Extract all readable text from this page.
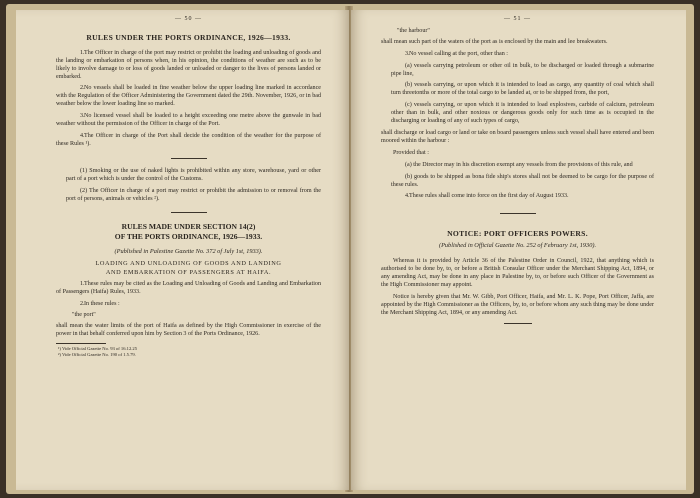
— 50 —
RULES UNDER THE PORTS ORDINANCE, 1926—1933.

1.The Officer in charge of the port may restrict or prohibit the loading and unloading of goods and the landing or embarkation of persons when, in his opinion, the conditions of weather are such as to be likely to involve damage to or loss of goods landed or unloaded or danger to the lives of persons landed or embarked.

2.No vessels shall be loaded in fine weather below the upper loading line marked in accordance with the Regulation of the Officer Administering the Government dated the 29th. November, 1926, or in bad weather below the lower loading line so marked.

3.No licensed vessel shall be loaded to a height exceeding one metre above the gunwale in bad weather without the permission of the Officer in charge of the Port.

4.The Officer in charge of the Port shall decide the condition of the weather for the purpose of these Rules ¹).

(1) Smoking or the use of naked lights is prohibited within any store, warehouse, yard or other part of a port which is under the control of the Customs.

(2) The Officer in charge of a port may restrict or prohibit the admission to or removal from the port of persons, animals or vehicles ²).

RULES MADE UNDER SECTION 14(2)
OF THE PORTS ORDINANCE, 1926—1933.
(Published in Palestine Gazette No. 372 of July 1st, 1933).
LOADING AND UNLOADING OF GOODS AND LANDING
AND EMBARKATION OF PASSENGERS AT HAIFA.

1.These rules may be cited as the Loading and Unloading of Goods and Landing and Embarkation of Passengers (Haifa) Rules, 1933.

2.In these rules :

"the port"

shall mean the water limits of the port of Haifa as defined by the High Commissioner in exercise of the power in that behalf conferred upon him by Section 3 of the Ports Ordinance, 1926.

¹) Vide Official Gazette No. 93 of 16.12.25

²) Vide Official Gazette No. 190 of 1.5.79.

— 51 —

"the harbour"

shall mean such part of the waters of the port as is enclosed by the main and lee breakwaters.

3.No vessel calling at the port, other than :

(a) vessels carrying petroleum or other oil in bulk, to be discharged or loaded through a submarine pipe line,

(b) vessels carrying, or upon which it is intended to load as cargo, any quantity of coal which shall turn threetonths or more of the total cargo to be landed at, or to be shipped from, the port,

(c) vessels carrying, or upon which it is intended to load explosives, carbide of calcium, petroleum other than in bulk, and other noxious or dangerous goods only for such time as is occupied in the discharging or loading of any of such types of cargo,

shall discharge or load cargo or land or take on board passengers unless such vessel shall have entered and been moored within the harbour :

Provided that :

(a) the Director may in his discretion exempt any vessels from the provisions of this rule, and

(b) goods to be shipped as bona fide ship's stores shall not be deemed to be cargo for the purpose of these rules.

4.These rules shall come into force on the first day of August 1933.

NOTICE: PORT OFFICERS POWERS.
(Published in Official Gazette No. 252 of February 1st, 1930).

Whereas it is provided by Article 36 of the Palestine Order in Council, 1922, that anything which is authorised to be done by, to, or before a British Consular Officer under the Merchant Shipping Act, 1894, or any amending Act, may be done in any place in Palestine by, to, or before such Officer of the Government as the High Commissioner may appoint.

Notice is hereby given that Mr. W. Gibb, Port Officer, Haifa, and Mr. L. K. Pope, Port Officer, Jaffa, are appointed by the High Commissioner as the Officers, by, to, or before whom any such thing may be done under the Merchant Shipping Act, 1894, or any amending Act.
